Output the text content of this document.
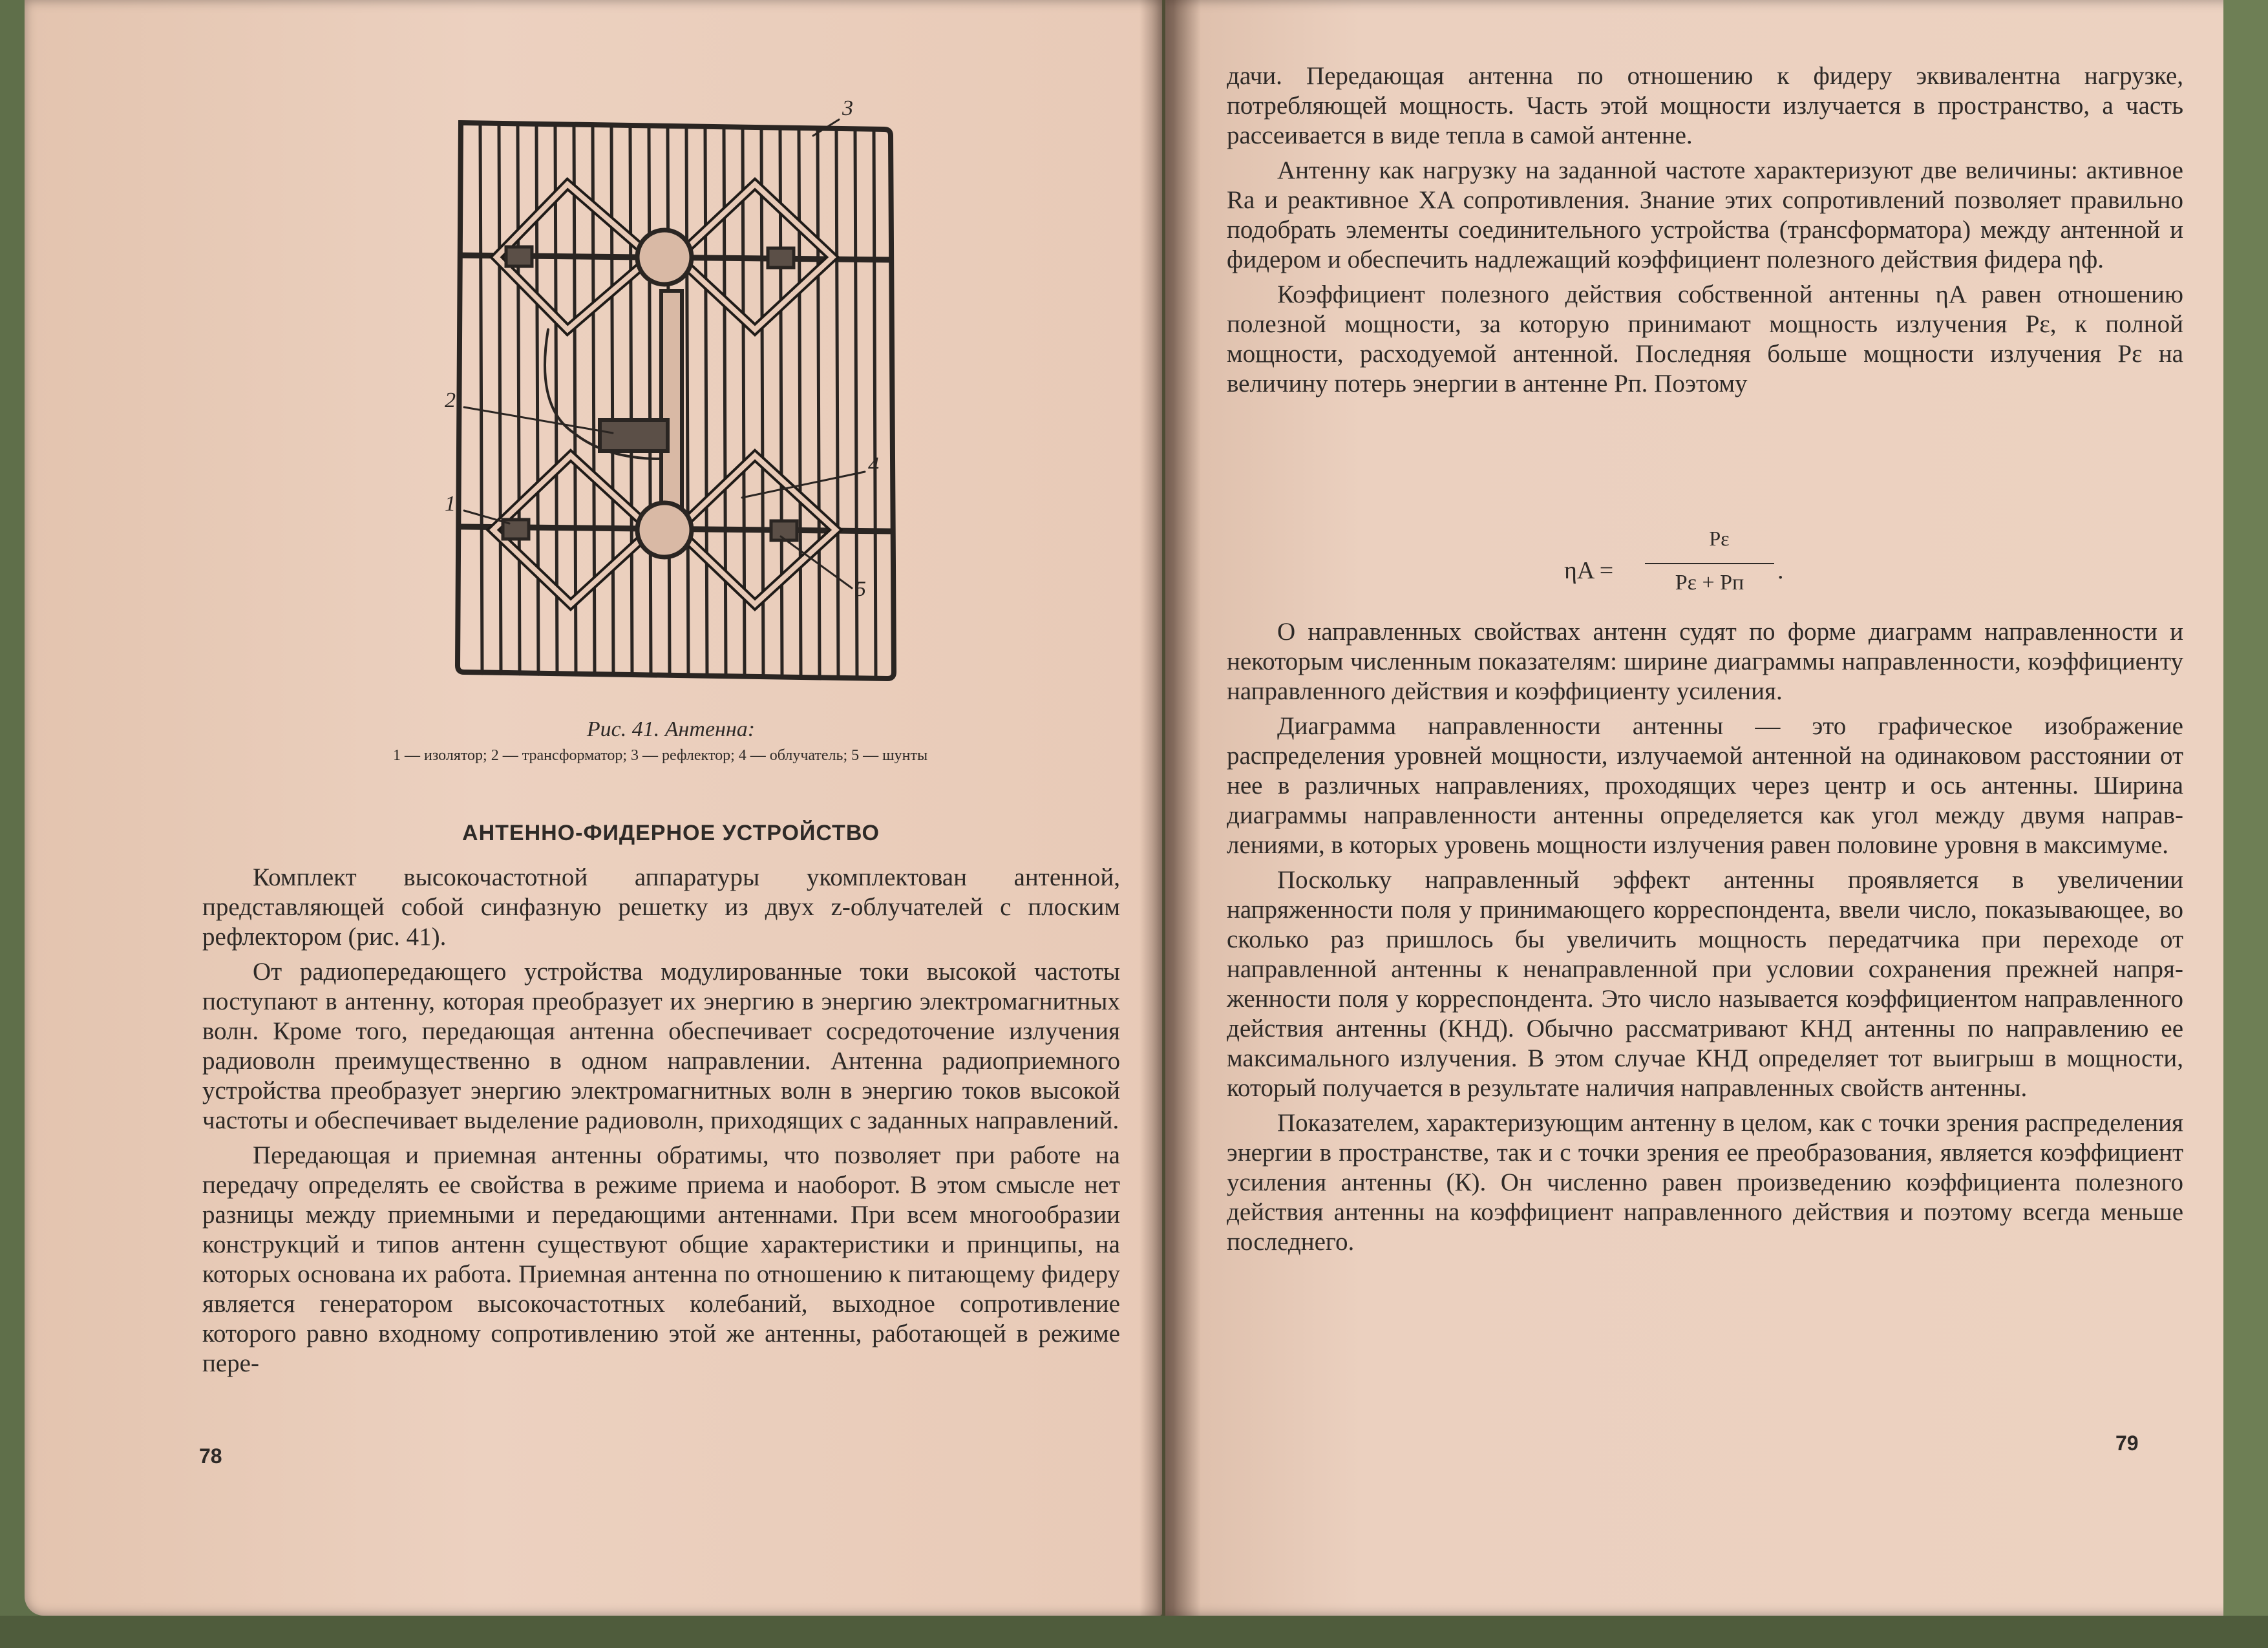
3
2
1
4
5
Рис. 41. Антенна:
1 — изолятор; 2 — трансформатор; 3 — рефлектор; 4 — облучатель; 5 — шунты
АНТЕННО-ФИДЕРНОЕ УСТРОЙСТВО

Комплект высокочастотной аппаратуры укомплектован антенной, представляющей собой синфазную решетку из двух z-облучателей с плоским рефлектором (рис. 41).

От радиопередающего устройства модулированные токи высокой частоты поступают в антенну, которая преобразует их энергию в энергию электромагнитных волн. Кроме того, передающая антенна обеспечивает сосредоточение излучения радиоволн преимущественно в одном направлении. Антенна радиоприемного устройства преобразует энергию электромагнитных волн в энергию токов высокой частоты и обеспечивает выделение радиоволн, приходящих с заданных направлений.

Передающая и приемная антенны обратимы, что позволяет при работе на передачу определять ее свойства в режиме приема и наоборот. В этом смысле нет разницы между приемными и передающими антеннами. При всем многообразии конструкций и типов антенн существуют общие характеристики и принципы, на которых основана их работа. Приемная антенна по отношению к питающему фидеру является генератором высокочастотных колебаний, выходное сопротивление которого равно входному сопротивлению этой же антенны, работающей в режиме пере-

78

дачи. Передающая антенна по отношению к фидеру эквивалентна нагрузке, потребляющей мощность. Часть этой мощности излучается в пространство, а часть рассеивается в виде тепла в самой антенне.

Антенну как нагрузку на заданной частоте характеризуют две величины: активное Rа и реактивное XA сопротивления. Знание этих сопротивлений позволяет правильно подобрать элементы соединительного устройства (трансформатора) между антенной и фидером и обеспечить надлежащий коэффициент полезного действия фидера ηф.

Коэффициент полезного действия собственной антенны ηA равен отношению полезной мощности, за которую принимают мощность излучения Pε, к полной мощности, расходуемой антенной. Последняя больше мощности излучения Pε на величину потерь энергии в антенне Pп. Поэтому

О направленных свойствах антенн судят по форме диаграмм направленности и некоторым численным показателям: ширине диаграммы направленности, коэффициенту направленного действия и коэффициенту усиления.

Диаграмма направленности антенны — это графическое изображение распределения уровней мощности, излучаемой антенной на одинаковом расстоянии от нее в различных направлениях, проходящих через центр и ось антенны. Ширина диаграммы направленности антенны определяется как угол между двумя направлениями, в которых уровень мощности излучения равен половине уровня в максимуме.

Поскольку направленный эффект антенны проявляется в увеличении напряженности поля у принимающего корреспондента, ввели число, показывающее, во сколько раз пришлось бы увеличить мощность передатчика при переходе от направленной антенны к ненаправленной при условии сохранения прежней напряженности поля у корреспондента. Это число называется коэффициентом направленного действия антенны (КНД). Обычно рассматривают КНД антенны по направлению ее максимального излучения. В этом случае КНД определяет тот выигрыш в мощности, который получается в результате наличия направленных свойств антенны.

Показателем, характеризующим антенну в целом, как с точки зрения распределения энергии в пространстве, так и с точки зрения ее преобразования, является коэффициент усиления антенны (К). Он численно равен произведению коэффициента полезного действия антенны на коэффициент направленного действия и поэтому всегда меньше последнего.

79
ηA =
Pε
Pε + Pп	.
